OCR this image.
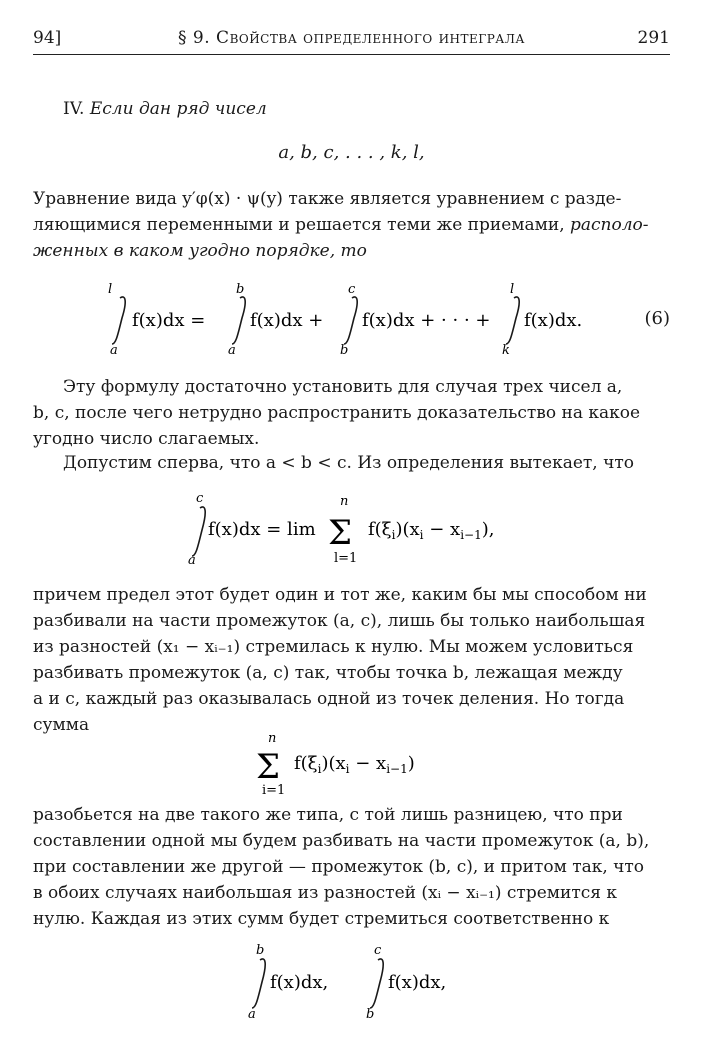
94]	§ 9. Свойства определенного интеграла	291
IV. Если дан ряд чисел
a, b, c, . . . , k, l,
Уравнение вида y′φ(x) · ψ(y) также является уравнением с разде-
ляющимися переменными и решается теми же приемами, располо-
женных в каком угодно порядке, то
l
a
f(x)dx =
b
a
f(x)dx +
c
b
f(x)dx + · · · +
l
k
f(x)dx.	(6)
Эту формулу достаточно установить для случая трех чисел a,
b, c, после чего нетрудно распространить доказательство на какое
угодно число слагаемых.
Допустим сперва, что a < b < c. Из определения вытекает, что
c
a
f(x)dx = lim
n
Σ
l=1
$f(\xi_i)(x_i - x_{i-1})$,
причем предел этот будет один и тот же, каким бы мы способом ни
разбивали на части промежуток (a, c), лишь бы только наибольшая
из разностей (x₁ − xᵢ₋₁) стремилась к нулю. Мы можем условиться
разбивать промежуток (a, c) так, чтобы точка b, лежащая между
a и c, каждый раз оказывалась одной из точек деления. Но тогда
сумма
n
Σ
i=1
$f(\xi_i)(x_i - x_{i-1})$
разобьется на две такого же типа, с той лишь разницею, что при
составлении одной мы будем разбивать на части промежуток (a, b),
при составлении же другой — промежуток (b, c), и притом так, что
в обоих случаях наибольшая из разностей (xᵢ − xᵢ₋₁) стремится к
нулю. Каждая из этих сумм будет стремиться соответственно к
b
a
f(x)dx,
c
b
f(x)dx,
